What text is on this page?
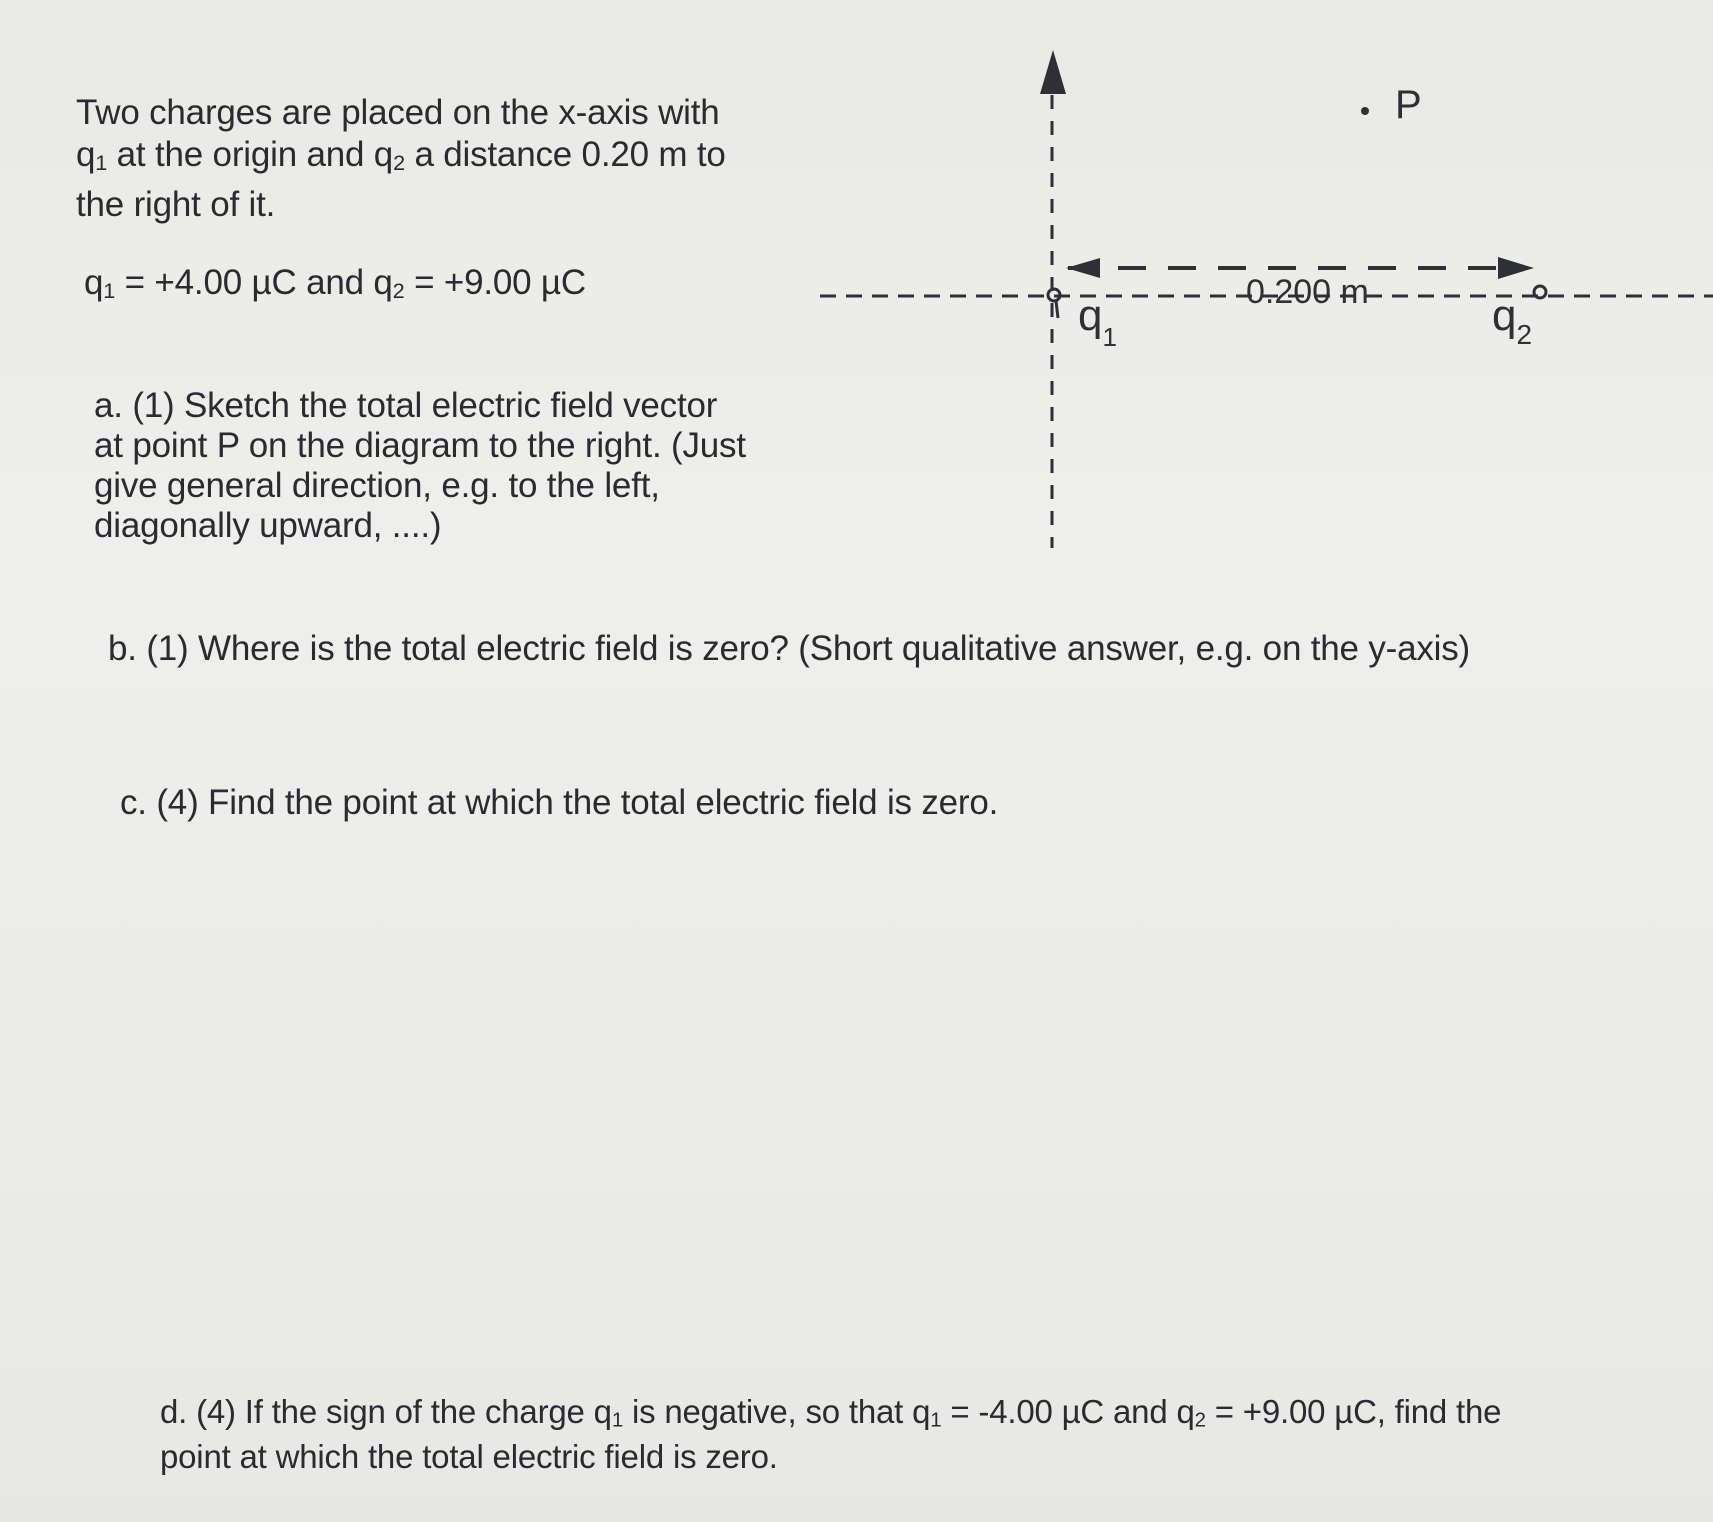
Two charges are placed on the x-axis with
q1 at the origin and q2 a distance 0.20 m to
the right of it.
q1 = +4.00 µC and q2 = +9.00 µC
a. (1) Sketch the total electric field vector
at point P on the diagram to the right. (Just
give general direction, e.g. to the left,
diagonally upward, ....)
b. (1) Where is the total electric field is zero? (Short qualitative answer, e.g. on the y-axis)
c. (4) Find the point at which the total electric field is zero.
d. (4) If the sign of the charge q1 is negative, so that q1 = -4.00 µC and q2 = +9.00 µC, find the
point at which the total electric field is zero.
P
0.200 m
$q_1$	$q_2$
